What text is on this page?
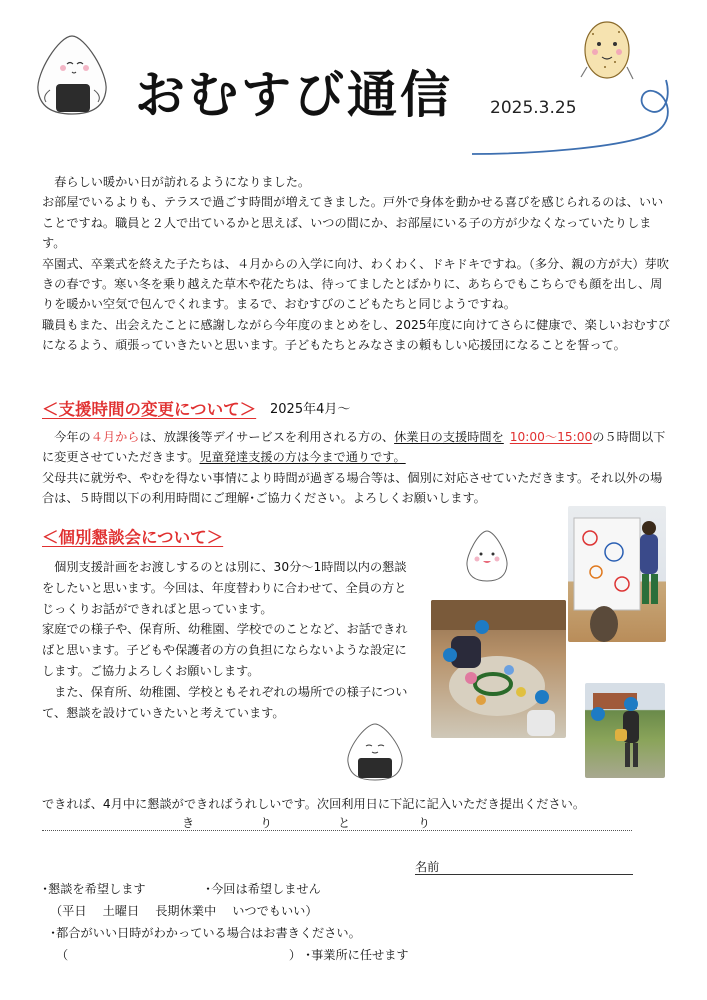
おむすび通信 2025.3.25

　春らしい暖かい日が訪れるようになりました。

お部屋でいるよりも、テラスで過ごす時間が増えてきました。戸外で身体を動かせる喜びを感じられるのは、いいことですね。職員と２人で出ているかと思えば、いつの間にか、お部屋にいる子の方が少なくなっていたりします。

卒園式、卒業式を終えた子たちは、４月からの入学に向け、わくわく、ドキドキですね。（多分、親の方が大）芽吹きの春です。寒い冬を乗り越えた草木や花たちは、待ってましたとばかりに、あちらでもこちらでも顔を出し、周りを暖かい空気で包んでくれます。まるで、おむすびのこどもたちと同じようですね。

職員もまた、出会えたことに感謝しながら今年度のまとめをし、2025年度に向けてさらに健康で、楽しいおむすびになるよう、頑張っていきたいと思います。子どもたちとみなさまの頼もしい応援団になることを誓って。

＜支援時間の変更について＞ 2025年4月～

　今年の４月からは、放課後等デイサービスを利用される方の、休業日の支援時間を 10:00～15:00の５時間以下に変更させていただきます。児童発達支援の方は今まで通りです。

父母共に就労や、やむを得ない事情により時間が過ぎる場合等は、個別に対応させていただきます。それ以外の場合は、５時間以下の利用時間にご理解･ご協力ください。よろしくお願いします。

＜個別懇談会について＞

　個別支援計画をお渡しするのとは別に、30分～1時間以内の懇談をしたいと思います。今回は、年度替わりに合わせて、全員の方とじっくりお話ができればと思っています。

家庭での様子や、保育所、幼稚園、学校でのことなど、お話できればと思います。子どもや保護者の方の負担にならないような設定にします。ご協力よろしくお願いします。

　また、保育所、幼稚園、学校ともそれぞれの場所での様子について、懇談を設けていきたいと考えています。

できれば、4月中に懇談ができればうれしいです。次回利用日に下記に記入いただき提出ください。
き	り	と	り
名前
･懇談を希望します	･今回は希望しません
（平日　 土曜日　 長期休業中　 いつでもいい）
･都合がいい日時がわかっている場合はお書きください。
（	） ･事業所に任せます
